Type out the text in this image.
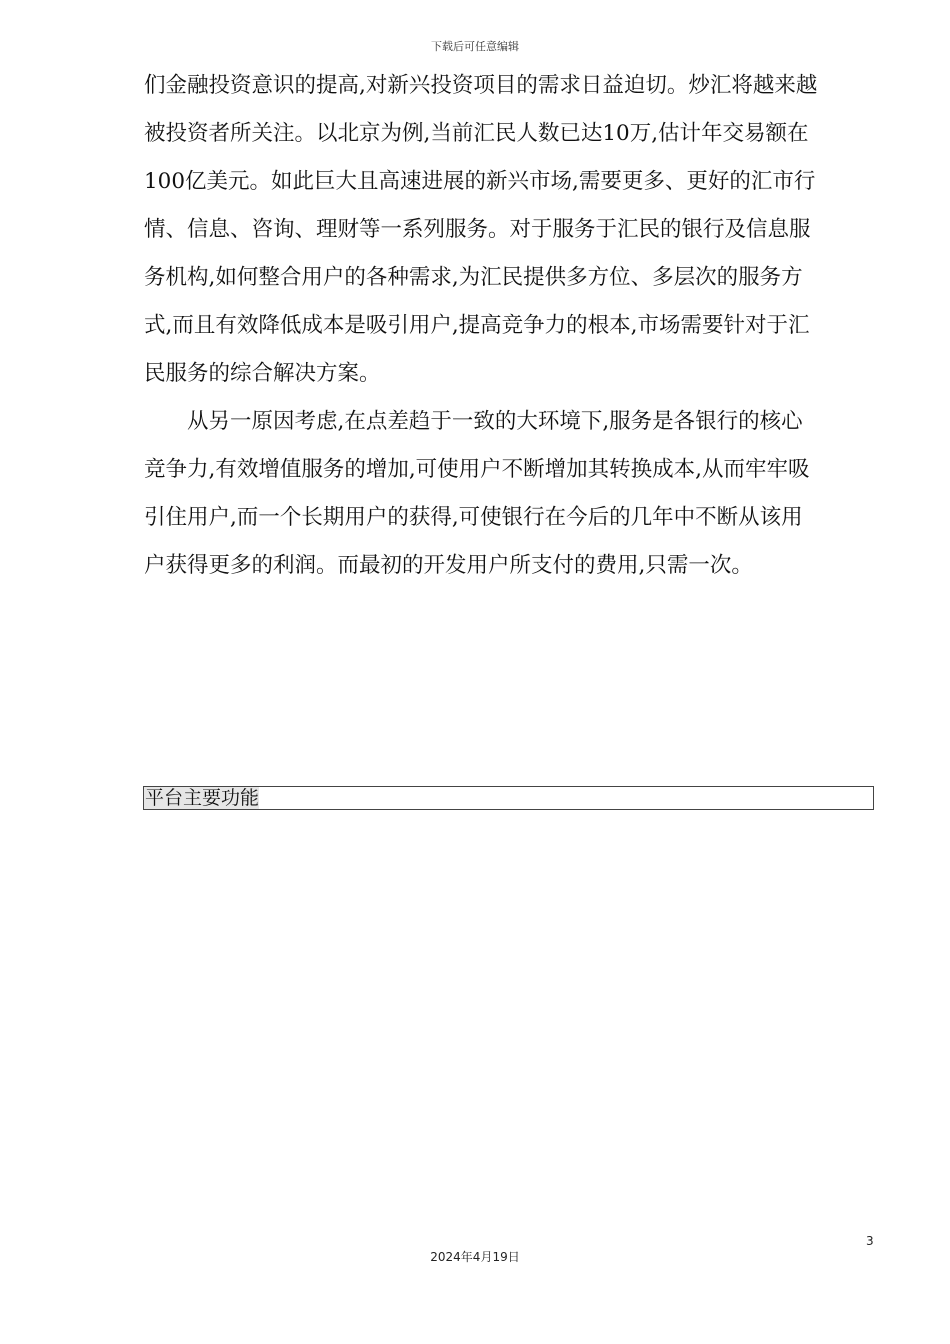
下载后可任意编辑
们金融投资意识的提高,对新兴投资项目的需求日益迫切。炒汇将越来越
被投资者所关注。以北京为例,当前汇民人数已达10万,估计年交易额在
100亿美元。如此巨大且高速进展的新兴市场,需要更多、更好的汇市行
情、信息、咨询、理财等一系列服务。对于服务于汇民的银行及信息服
务机构,如何整合用户的各种需求,为汇民提供多方位、多层次的服务方
式,而且有效降低成本是吸引用户,提高竞争力的根本,市场需要针对于汇
民服务的综合解决方案。
从另一原因考虑,在点差趋于一致的大环境下,服务是各银行的核心
竞争力,有效增值服务的增加,可使用户不断增加其转换成本,从而牢牢吸
引住用户,而一个长期用户的获得,可使银行在今后的几年中不断从该用
户获得更多的利润。而最初的开发用户所支付的费用,只需一次。
平台主要功能
3
2024年4月19日
